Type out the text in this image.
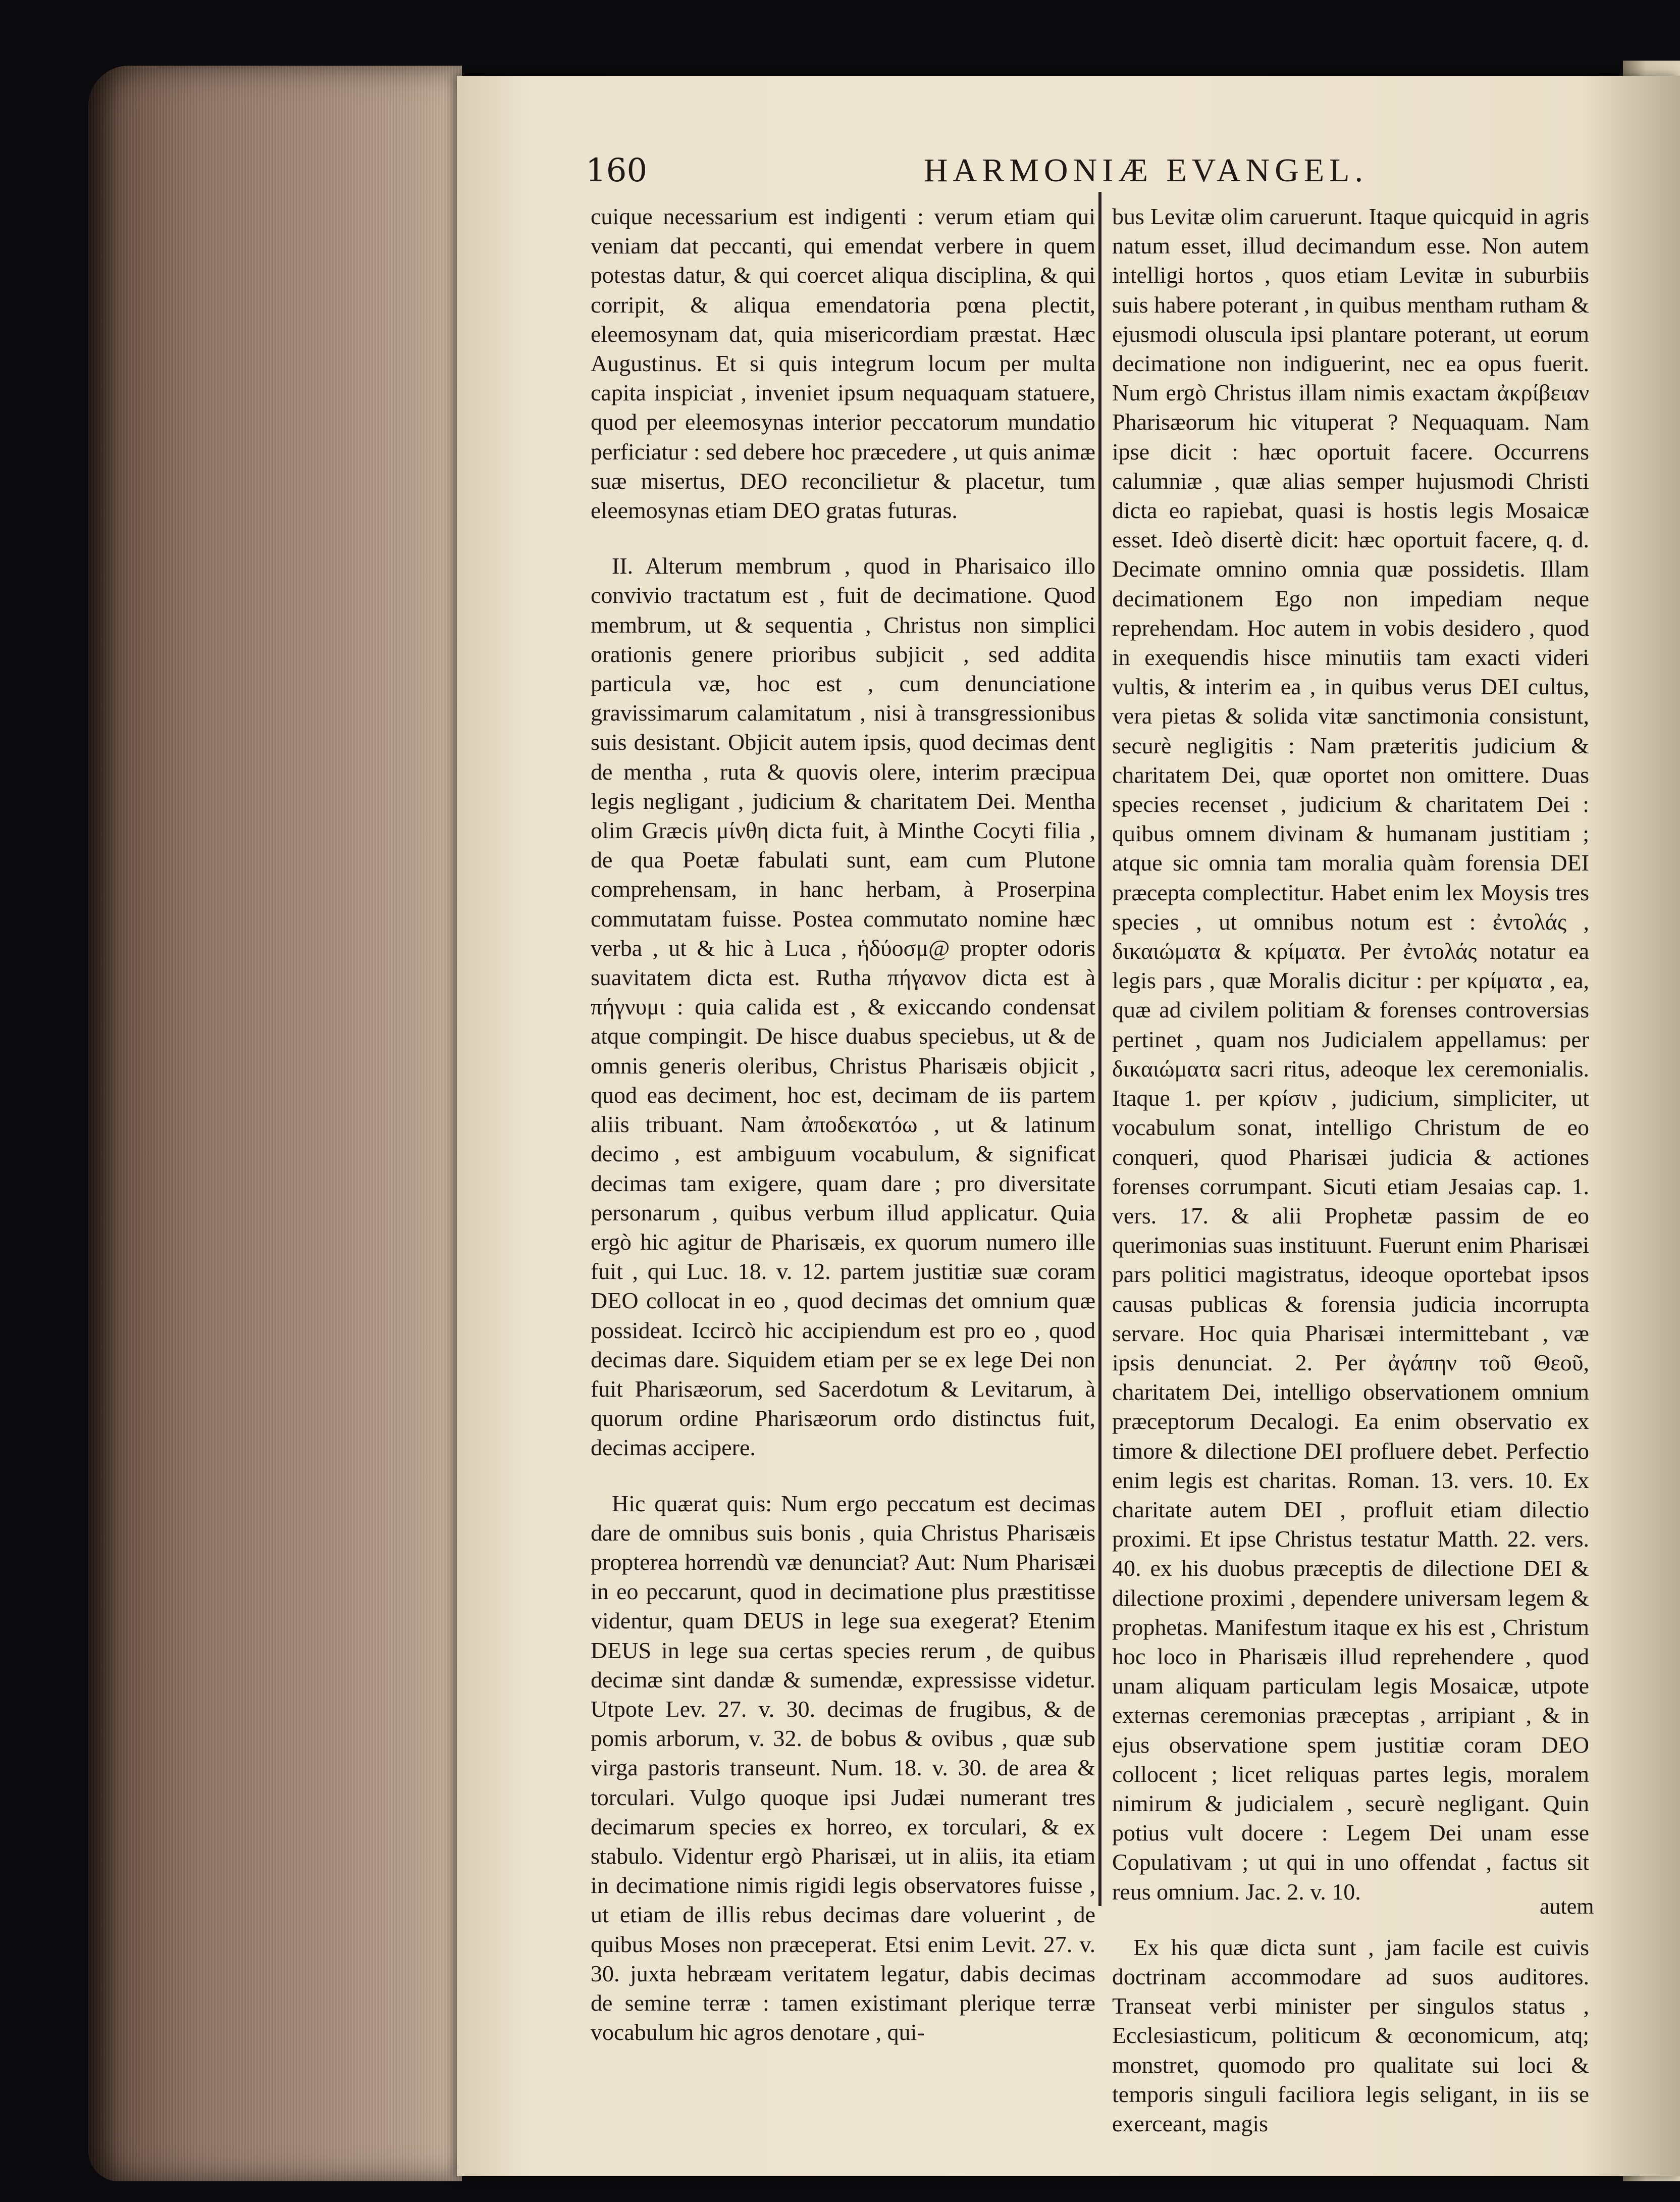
160	HARMONIÆ EVANGEL.

cuique necessarium est indigenti : verum etiam qui veniam dat peccanti, qui emendat verbere in quem potestas datur, & qui coercet aliqua disciplina, & qui corripit, & aliqua emendatoria pœna plectit, eleemosynam dat, quia misericordiam præstat. Hæc Augustinus. Et si quis integrum locum per multa capita inspiciat , inveniet ipsum nequaquam statuere, quod per eleemosynas interior peccatorum mundatio perficiatur : sed debere hoc præcedere , ut quis animæ suæ misertus, DEO reconcilietur & placetur, tum eleemosynas etiam DEO gratas futuras.

II. Alterum membrum , quod in Pharisaico illo convivio tractatum est , fuit de decimatione. Quod membrum, ut & sequentia , Christus non simplici orationis genere prioribus subjicit , sed addita particula væ, hoc est , cum denunciatione gravissimarum calamitatum , nisi à transgressionibus suis desistant. Objicit autem ipsis, quod decimas dent de mentha , ruta & quovis olere, interim præcipua legis negligant , judicium & charitatem Dei. Mentha olim Græcis μίνθη dicta fuit, à Minthe Cocyti filia , de qua Poetæ fabulati sunt, eam cum Plutone comprehensam, in hanc herbam, à Proserpina commutatam fuisse. Postea commutato nomine hæc verba , ut & hic à Luca , ἡδύοσμ@ propter odoris suavitatem dicta est. Rutha πήγανον dicta est à πήγνυμι : quia calida est , & exiccando condensat atque compingit. De hisce duabus speciebus, ut & de omnis generis oleribus, Christus Pharisæis objicit , quod eas deciment, hoc est, decimam de iis partem aliis tribuant. Nam ἀποδεκατόω , ut & latinum decimo , est ambiguum vocabulum, & significat decimas tam exigere, quam dare ; pro diversitate personarum , quibus verbum illud applicatur. Quia ergò hic agitur de Pharisæis, ex quorum numero ille fuit , qui Luc. 18. v. 12. partem justitiæ suæ coram DEO collocat in eo , quod decimas det omnium quæ possideat. Iccircò hic accipiendum est pro eo , quod decimas dare. Siquidem etiam per se ex lege Dei non fuit Pharisæorum, sed Sacerdotum & Levitarum, à quorum ordine Pharisæorum ordo distinctus fuit, decimas accipere.

Hic quærat quis: Num ergo peccatum est decimas dare de omnibus suis bonis , quia Christus Pharisæis propterea horrendù væ denunciat? Aut: Num Pharisæi in eo peccarunt, quod in decimatione plus præstitisse videntur, quam DEUS in lege sua exegerat? Etenim DEUS in lege sua certas species rerum , de quibus decimæ sint dandæ & sumendæ, expressisse videtur. Utpote Lev. 27. v. 30. decimas de frugibus, & de pomis arborum, v. 32. de bobus & ovibus , quæ sub virga pastoris transeunt. Num. 18. v. 30. de area & torculari. Vulgo quoque ipsi Judæi numerant tres decimarum species ex horreo, ex torculari, & ex stabulo. Videntur ergò Pharisæi, ut in aliis, ita etiam in decimatione nimis rigidi legis observatores fuisse , ut etiam de illis rebus decimas dare voluerint , de quibus Moses non præceperat. Etsi enim Levit. 27. v. 30. juxta hebræam veritatem legatur, dabis decimas de semine terræ : tamen existimant plerique terræ vocabulum hic agros denotare , qui-

bus Levitæ olim caruerunt. Itaque quicquid in agris natum esset, illud decimandum esse. Non autem intelligi hortos , quos etiam Levitæ in suburbiis suis habere poterant , in quibus mentham rutham & ejusmodi olusculа ipsi plantare poterant, ut eorum decimatione non indiguerint, nec ea opus fuerit. Num ergò Christus illam nimis exactam ἀκρίβειαν Pharisæorum hic vituperat ? Nequaquam. Nam ipse dicit : hæc oportuit facere. Occurrens calumniæ , quæ alias semper hujusmodi Christi dicta eo rapiebat, quasi is hostis legis Mosaicæ esset. Ideò disertè dicit: hæc oportuit facere, q. d. Decimate omnino omnia quæ possidetis. Illam decimationem Ego non impediam neque reprehendam. Hoc autem in vobis desidero , quod in exequendis hisce minutiis tam exacti videri vultis, & interim ea , in quibus verus DEI cultus, vera pietas & solida vitæ sanctimonia consistunt, securè negligitis : Nam præteritis judicium & charitatem Dei, quæ oportet non omittere. Duas species recenset , judicium & charitatem Dei : quibus omnem divinam & humanam justitiam ; atque sic omnia tam moralia quàm forensia DEI præcepta complectitur. Habet enim lex Moysis tres species , ut omnibus notum est : ἐντολάς , δικαιώματα & κρίματα. Per ἐντολάς notatur ea legis pars , quæ Moralis dicitur : per κρίματα , ea, quæ ad civilem politiam & forenses controversias pertinet , quam nos Judicialem appellamus: per δικαιώματα sacri ritus, adeoque lex ceremonialis. Itaque 1. per κρίσιν , judicium, simpliciter, ut vocabulum sonat, intelligo Christum de eo conqueri, quod Pharisæi judicia & actiones forenses corrumpant. Sicuti etiam Jesaias cap. 1. vers. 17. & alii Prophetæ passim de eo querimonias suas instituunt. Fuerunt enim Pharisæi pars politici magistratus, ideoque oportebat ipsos causas publicas & forensia judicia incorrupta servare. Hoc quia Pharisæi intermittebant , væ ipsis denunciat. 2. Per ἀγάπην τοῦ Θεοῦ, charitatem Dei, intelligo observationem omnium præceptorum Decalogi. Ea enim observatio ex timore & dilectione DEI profluere debet. Perfectio enim legis est charitas. Roman. 13. vers. 10. Ex charitate autem DEI , profluit etiam dilectio proximi. Et ipse Christus testatur Matth. 22. vers. 40. ex his duobus præceptis de dilectione DEI & dilectione proximi , dependere universam legem & prophetas. Manifestum itaque ex his est , Christum hoc loco in Pharisæis illud reprehendere , quod unam aliquam particulam legis Mosaicæ, utpote externas ceremonias præceptas , arripiant , & in ejus observatione spem justitiæ coram DEO collocent ; licet reliquas partes legis, moralem nimirum & judicialem , securè negligant. Quin potius vult docere : Legem Dei unam esse Copulativam ; ut qui in uno offendat , factus sit reus omnium. Jac. 2. v. 10.

Ex his quæ dicta sunt , jam facile est cuivis doctrinam accommodare ad suos auditores. Transeat verbi minister per singulos status , Ecclesiasticum, politicum & œconomicum, atq; monstret, quomodo pro qualitate sui loci & temporis singuli faciliora legis seligant, in iis se exerceant, magis

autem
